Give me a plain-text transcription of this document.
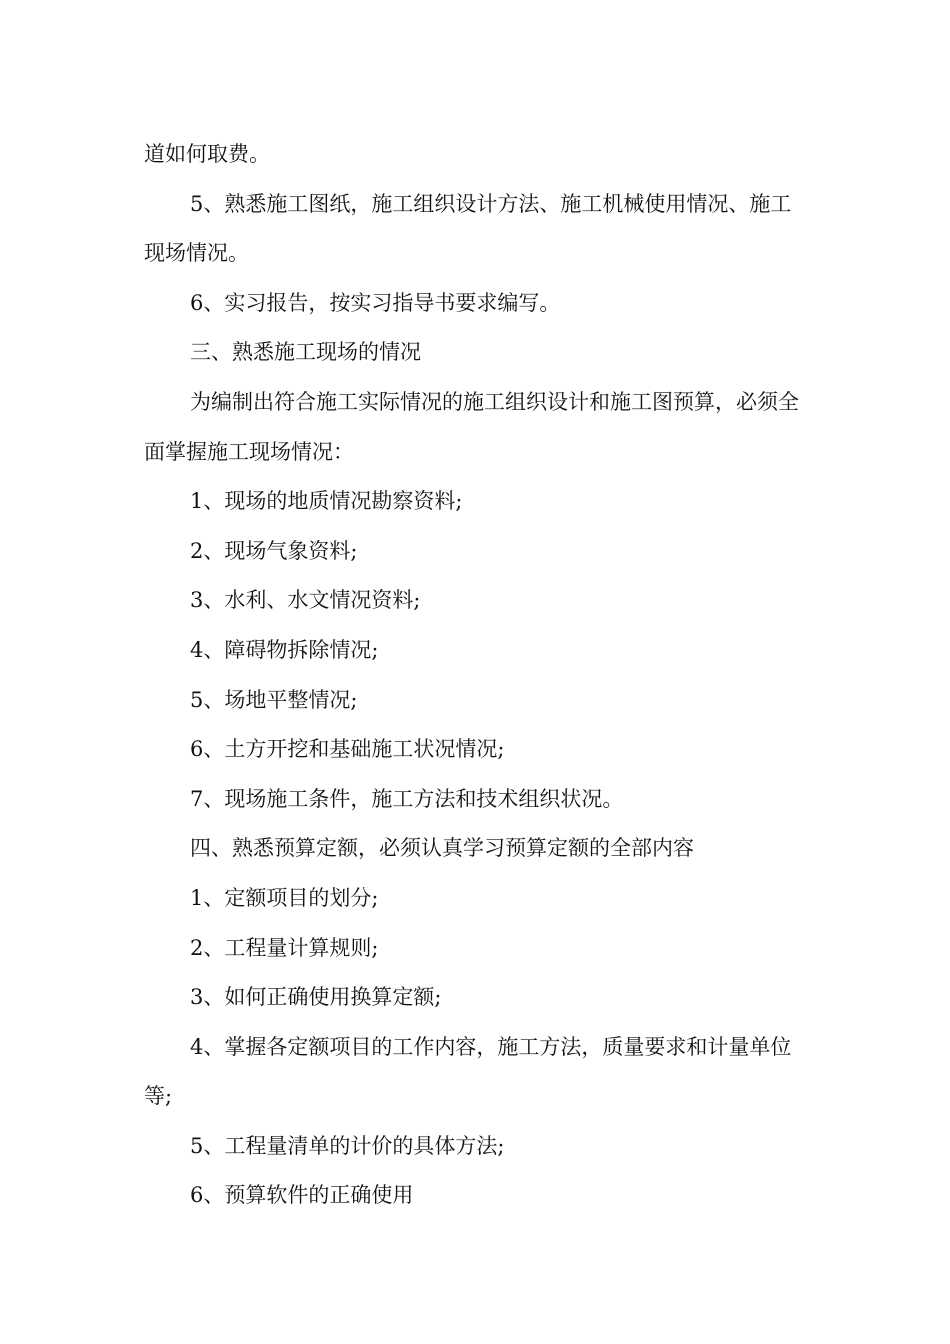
道如何取费。

5、熟悉施工图纸，施工组织设计方法、施工机械使用情况、施工现场情况。

6、实习报告，按实习指导书要求编写。

三、熟悉施工现场的情况

为编制出符合施工实际情况的施工组织设计和施工图预算，必须全面掌握施工现场情况：

1、现场的地质情况勘察资料;

2、现场气象资料;

3、水利、水文情况资料;

4、障碍物拆除情况;

5、场地平整情况;

6、土方开挖和基础施工状况情况;

7、现场施工条件，施工方法和技术组织状况。

四、熟悉预算定额，必须认真学习预算定额的全部内容

1、定额项目的划分;

2、工程量计算规则;

3、如何正确使用换算定额;

4、掌握各定额项目的工作内容，施工方法，质量要求和计量单位等;

5、工程量清单的计价的具体方法;

6、预算软件的正确使用
